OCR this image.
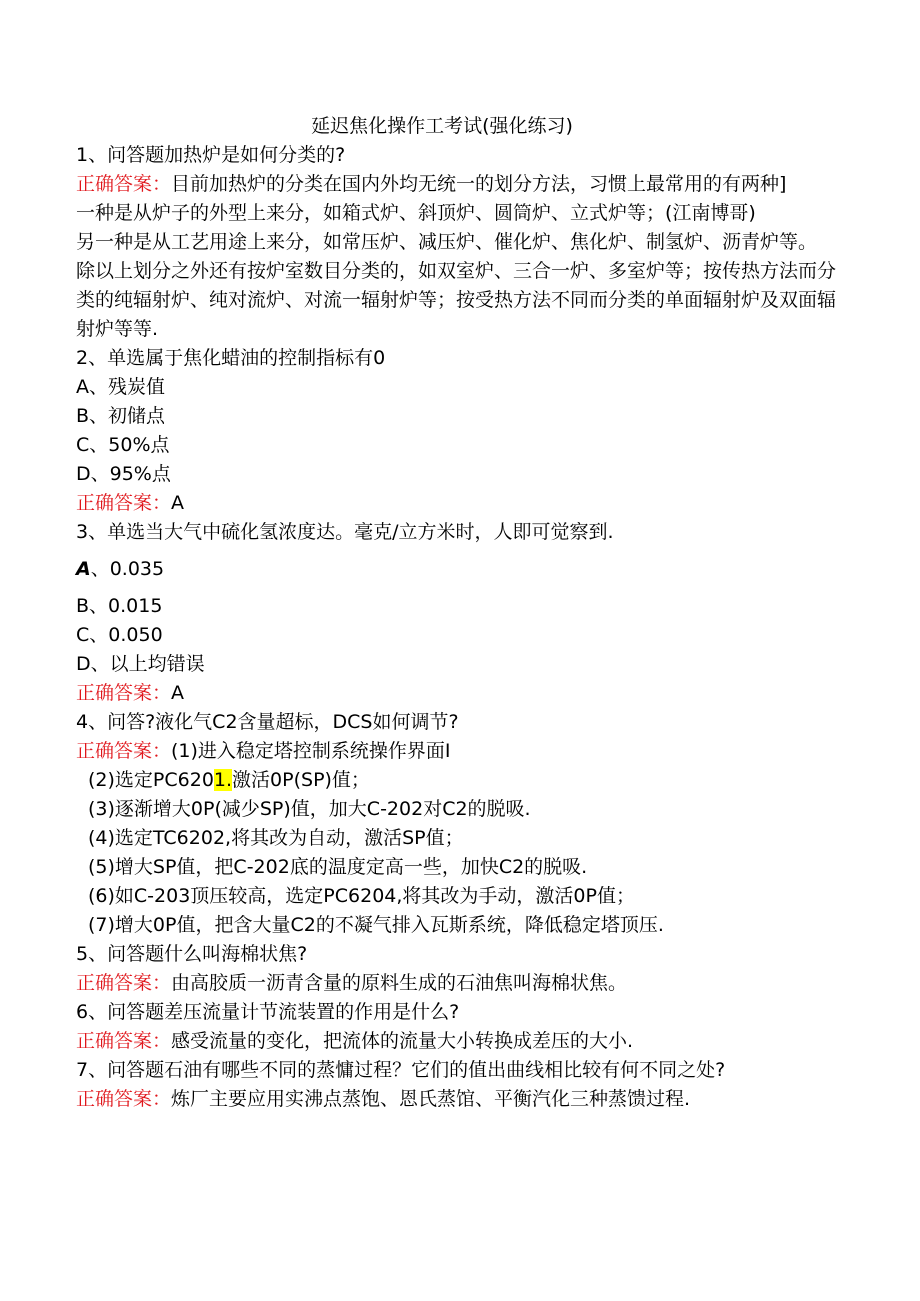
延迟焦化操作工考试(强化练习)
1、问答题加热炉是如何分类的?
正确答案：目前加热炉的分类在国内外均无统一的划分方法，习惯上最常用的有两种]
一种是从炉子的外型上来分，如箱式炉、斜顶炉、圆筒炉、立式炉等；(江南博哥)
另一种是从工艺用途上来分，如常压炉、减压炉、催化炉、焦化炉、制氢炉、沥青炉等。
除以上划分之外还有按炉室数目分类的，如双室炉、三合一炉、多室炉等；按传热方法而分类的纯辐射炉、纯对流炉、对流一辐射炉等；按受热方法不同而分类的单面辐射炉及双面辐射炉等等.
2、单选属于焦化蜡油的控制指标有0
A、残炭值
B、初储点
C、50%点
D、95%点
正确答案：A
3、单选当大气中硫化氢浓度达。毫克/立方米时，人即可觉察到.
A、0.035
B、0.015
C、0.050
D、以上均错误
正确答案：A
4、问答?液化气C2含量超标，DCS如何调节?
正确答案：(1)进入稳定塔控制系统操作界面I
(2)选定PC6201.激活0P(SP)值；
(3)逐渐增大0P(减少SP)值，加大C-202对C2的脱吸.
(4)选定TC6202,将其改为自动，激活SP值；
(5)增大SP值，把C-202底的温度定高一些，加快C2的脱吸.
(6)如C-203顶压较高，选定PC6204,将其改为手动，激活0P值；
(7)增大0P值，把含大量C2的不凝气排入瓦斯系统，降低稳定塔顶压.
5、问答题什么叫海棉状焦?
正确答案：由高胶质一沥青含量的原料生成的石油焦叫海棉状焦。
6、问答题差压流量计节流装置的作用是什么?
正确答案：感受流量的变化，把流体的流量大小转换成差压的大小.
7、问答题石油有哪些不同的蒸慵过程？它们的值出曲线相比较有何不同之处?
正确答案：炼厂主要应用实沸点蒸饱、恩氏蒸馆、平衡汽化三种蒸馈过程.
